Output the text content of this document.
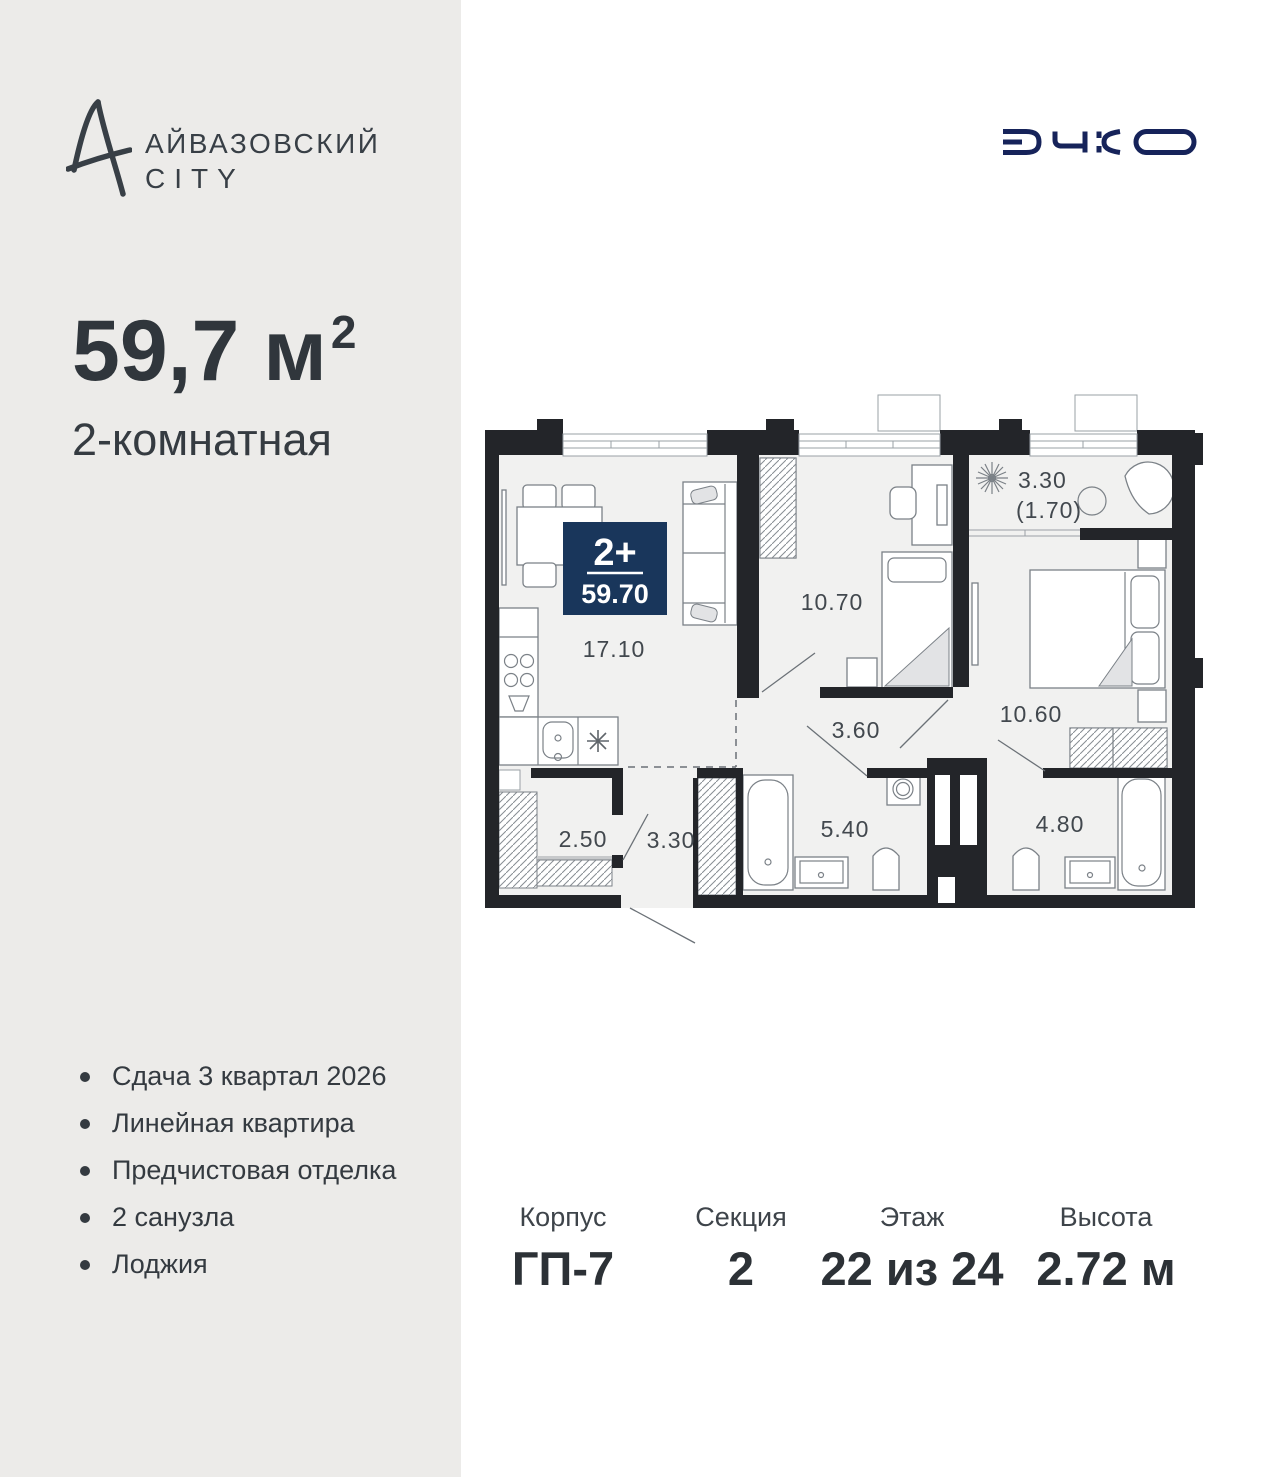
АЙВАЗОВСКИЙ
CITY
59,7 м2
2-комнатная
Сдача 3 квартал 2026
Линейная квартира
Предчистовая отделка
2 санузла
Лоджия
17.10
10.70
10.60
3.30
(1.70)
3.60
5.40	4.80
2.50 3.30
2+
59.70
Корпус
ГП-7
Секция
2
Этаж
22 из 24
Высота
2.72 м
